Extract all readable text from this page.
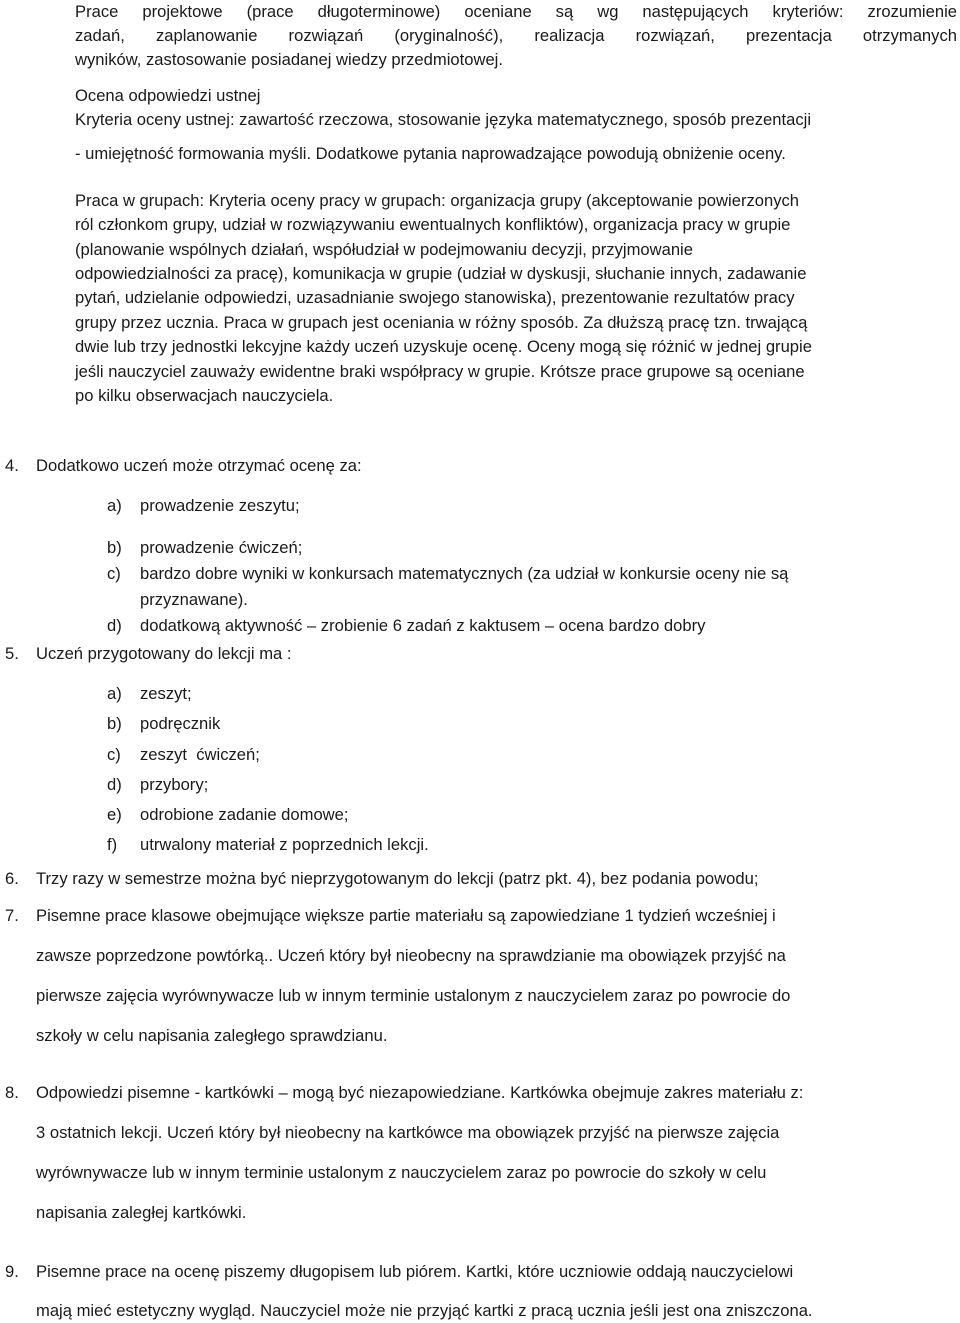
Prace projektowe (prace długoterminowe) oceniane są wg następujących kryteriów: zrozumienie
zadań, zaplanowanie rozwiązań (oryginalność), realizacja rozwiązań, prezentacja otrzymanych
wyników, zastosowanie posiadanej wiedzy przedmiotowej.
Ocena odpowiedzi ustnej
Kryteria oceny ustnej: zawartość rzeczowa, stosowanie języka matematycznego, sposób prezentacji
- umiejętność formowania myśli. Dodatkowe pytania naprowadzające powodują obniżenie oceny.
Praca w grupach: Kryteria oceny pracy w grupach: organizacja grupy (akceptowanie powierzonych
ról członkom grupy, udział w rozwiązywaniu ewentualnych konfliktów), organizacja pracy w grupie
(planowanie wspólnych działań, współudział w podejmowaniu decyzji, przyjmowanie
odpowiedzialności za pracę), komunikacja w grupie (udział w dyskusji, słuchanie innych, zadawanie
pytań, udzielanie odpowiedzi, uzasadnianie swojego stanowiska), prezentowanie rezultatów pracy
grupy przez ucznia. Praca w grupach jest oceniania w różny sposób. Za dłuższą pracę tzn. trwającą
dwie lub trzy jednostki lekcyjne każdy uczeń uzyskuje ocenę. Oceny mogą się różnić w jednej grupie
jeśli nauczyciel zauważy ewidentne braki współpracy w grupie. Krótsze prace grupowe są oceniane
po kilku obserwacjach nauczyciela.
4. Dodatkowo uczeń może otrzymać ocenę za:
a) prowadzenie zeszytu;
b) prowadzenie ćwiczeń;
c) bardzo dobre wyniki w konkursach matematycznych (za udział w konkursie oceny nie są
przyznawane).
d) dodatkową aktywność – zrobienie 6 zadań z kaktusem – ocena bardzo dobry
5. Uczeń przygotowany do lekcji ma :
a) zeszyt;
b) podręcznik
c) zeszyt  ćwiczeń;
d) przybory;
e) odrobione zadanie domowe;
f) utrwalony materiał z poprzednich lekcji.
6. Trzy razy w semestrze można być nieprzygotowanym do lekcji (patrz pkt. 4), bez podania powodu;
7. Pisemne prace klasowe obejmujące większe partie materiału są zapowiedziane 1 tydzień wcześniej i
zawsze poprzedzone powtórką.. Uczeń który był nieobecny na sprawdzianie ma obowiązek przyjść na
pierwsze zajęcia wyrównywacze lub w innym terminie ustalonym z nauczycielem zaraz po powrocie do
szkoły w celu napisania zaległego sprawdzianu.
8. Odpowiedzi pisemne - kartkówki – mogą być niezapowiedziane. Kartkówka obejmuje zakres materiału z:
3 ostatnich lekcji. Uczeń który był nieobecny na kartkówce ma obowiązek przyjść na pierwsze zajęcia
wyrównywacze lub w innym terminie ustalonym z nauczycielem zaraz po powrocie do szkoły w celu
napisania zaległej kartkówki.
9. Pisemne prace na ocenę piszemy długopisem lub piórem. Kartki, które uczniowie oddają nauczycielowi
mają mieć estetyczny wygląd. Nauczyciel może nie przyjąć kartki z pracą ucznia jeśli jest ona zniszczona.
